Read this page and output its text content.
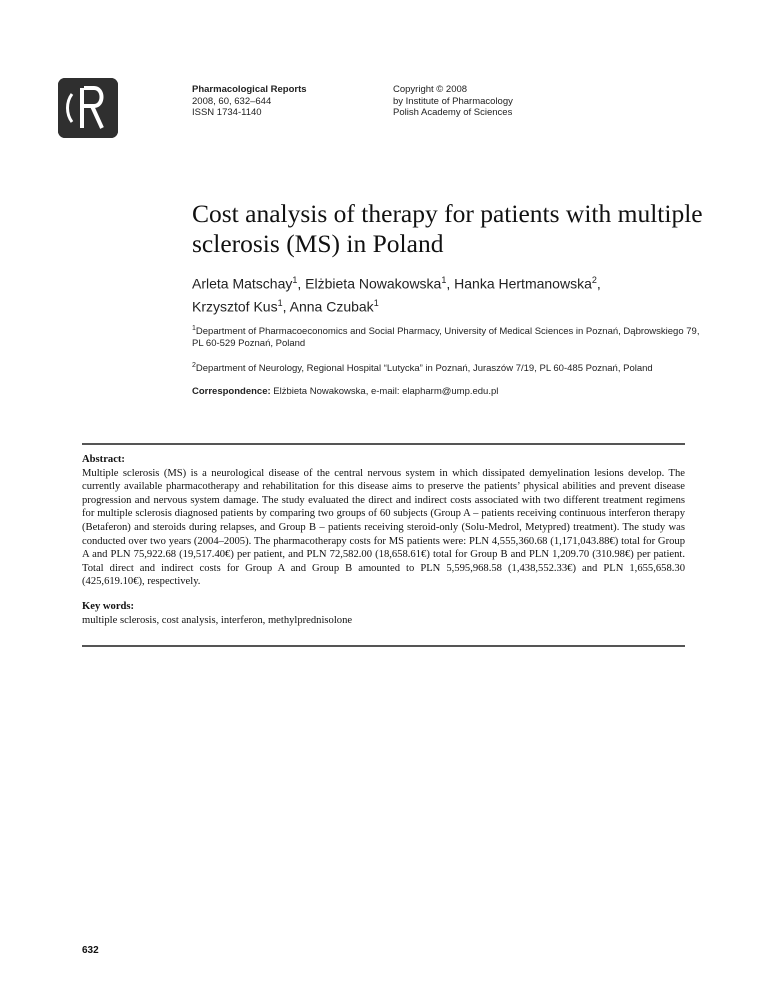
Pharmacological Reports
2008, 60, 632–644
ISSN 1734-1140
Copyright © 2008
by Institute of Pharmacology
Polish Academy of Sciences
Cost analysis of therapy for patients with multiple sclerosis (MS) in Poland
Arleta Matschay$^1$, Elżbieta Nowakowska$^1$, Hanka Hertmanowska$^2$,
Krzysztof Kus$^1$, Anna Czubak$^1$
$^1$Department of Pharmacoeconomics and Social Pharmacy, University of Medical Sciences in Poznań, Dąbrowskiego 79, PL 60-529 Poznań, Poland
$^2$Department of Neurology, Regional Hospital “Lutycka” in Poznań, Juraszów 7/19, PL 60-485 Poznań, Poland
Correspondence: Elżbieta Nowakowska, e-mail: elapharm@ump.edu.pl
Abstract:
Multiple sclerosis (MS) is a neurological disease of the central nervous system in which dissipated demyelination lesions develop. The currently available pharmacotherapy and rehabilitation for this disease aims to preserve the patients’ physical abilities and prevent disease progression and nervous system damage. The study evaluated the direct and indirect costs associated with two different treatment regimens for multiple sclerosis diagnosed patients by comparing two groups of 60 subjects (Group A – patients receiving continuous interferon therapy (Betaferon) and steroids during relapses, and Group B – patients receiving steroid-only (Solu-Medrol, Metypred) treatment). The study was conducted over two years (2004–2005). The pharmacotherapy costs for MS patients were: PLN 4,555,360.68 (1,171,043.88€) total for Group A and PLN 75,922.68 (19,517.40€) per patient, and PLN 72,582.00 (18,658.61€) total for Group B and PLN 1,209.70 (310.98€) per patient. Total direct and indirect costs for Group A and Group B amounted to PLN 5,595,968.58 (1,438,552.33€) and PLN 1,655,658.30 (425,619.10€), respectively.
Key words:
multiple sclerosis, cost analysis, interferon, methylprednisolone
632
